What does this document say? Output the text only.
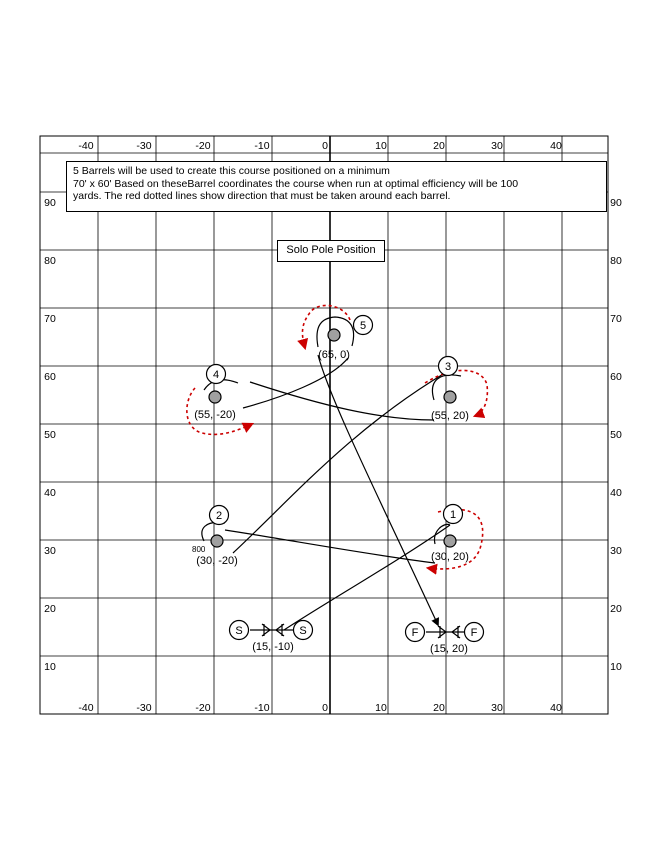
-40	-30	-20	-10	0	10	20	30	40
-40	-30	-20	-10	0	10	20	30	40
90
80
70
60
50
40
30
20
10
90
80
70
60
50
40
30
20
10
1
(30, 20)
2
(30, -20)
800
3
(55, 20)
4
(55, -20)
5
(65, 0)
S	S
(15, -10)
F	F
(15, 20)
5 Barrels will be used to create this course positioned on a minimum
70' x 60' Based on theseBarrel coordinates the course when run at optimal efficiency will be 100
yards. The red dotted lines show direction that must be taken around each barrel.
Solo Pole Position
